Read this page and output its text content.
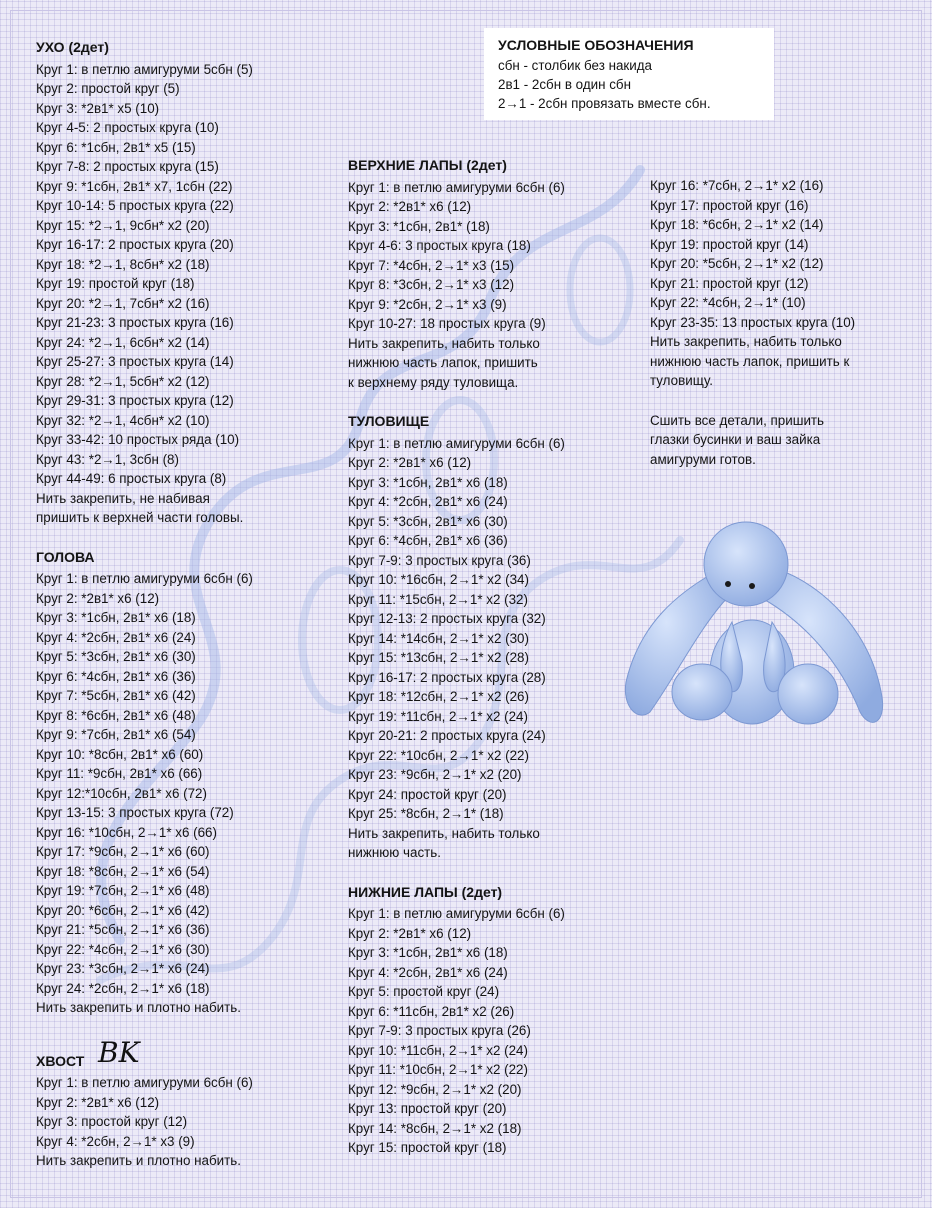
УХО (2дет)
Круг 1: в петлю амигуруми 5сбн (5)
Круг 2: простой круг (5)
Круг 3: *2в1* х5 (10)
Круг 4-5: 2 простых круга (10)
Круг 6: *1сбн, 2в1* х5 (15)
Круг 7-8: 2 простых круга (15)
Круг 9: *1сбн, 2в1* х7, 1сбн (22)
Круг 10-14: 5 простых круга (22)
Круг 15: *2→1, 9сбн* х2 (20)
Круг 16-17: 2 простых круга (20)
Круг 18: *2→1, 8сбн* х2 (18)
Круг 19: простой круг (18)
Круг 20: *2→1, 7сбн* х2 (16)
Круг 21-23: 3 простых круга (16)
Круг 24: *2→1, 6сбн* х2 (14)
Круг 25-27: 3 простых круга (14)
Круг 28: *2→1, 5сбн* х2 (12)
Круг 29-31: 3 простых круга (12)
Круг 32: *2→1, 4сбн* х2 (10)
Круг 33-42: 10 простых ряда (10)
Круг 43: *2→1, 3сбн (8)
Круг 44-49: 6 простых круга (8)
Нить закрепить, не набивая
пришить к верхней части головы.
ГОЛОВА
Круг 1: в петлю амигуруми 6сбн (6)
Круг 2: *2в1* х6 (12)
Круг 3: *1сбн, 2в1* х6 (18)
Круг 4: *2сбн, 2в1* х6 (24)
Круг 5: *3сбн, 2в1* х6 (30)
Круг 6: *4сбн, 2в1* х6 (36)
Круг 7: *5сбн, 2в1* х6 (42)
Круг 8: *6сбн, 2в1* х6 (48)
Круг 9: *7сбн, 2в1* х6 (54)
Круг 10: *8сбн, 2в1* х6 (60)
Круг 11: *9сбн, 2в1* х6 (66)
Круг 12:*10сбн, 2в1* х6 (72)
Круг 13-15: 3 простых круга (72)
Круг 16: *10сбн, 2→1* х6 (66)
Круг 17: *9сбн, 2→1* х6 (60)
Круг 18: *8сбн, 2→1* х6 (54)
Круг 19: *7сбн, 2→1* х6 (48)
Круг 20: *6сбн, 2→1* х6 (42)
Круг 21: *5сбн, 2→1* х6 (36)
Круг 22: *4сбн, 2→1* х6 (30)
Круг 23: *3сбн, 2→1* х6 (24)
Круг 24: *2сбн, 2→1* х6 (18)
Нить закрепить и плотно набить.
ХВОСТ
Круг 1: в петлю амигуруми 6сбн (6)
Круг 2: *2в1* х6 (12)
Круг 3: простой круг (12)
Круг 4: *2сбн, 2→1* х3 (9)
Нить закрепить и плотно набить.
BK
УСЛОВНЫЕ ОБОЗНАЧЕНИЯ
сбн - столбик без накида
2в1 - 2сбн в один сбн
2→1 - 2сбн провязать вместе сбн.
ВЕРХНИЕ ЛАПЫ (2дет)
Круг 1: в петлю амигуруми 6сбн (6)
Круг 2: *2в1* х6 (12)
Круг 3: *1сбн, 2в1* (18)
Круг 4-6: 3 простых круга (18)
Круг 7: *4сбн, 2→1* х3 (15)
Круг 8: *3сбн, 2→1* х3 (12)
Круг 9: *2сбн, 2→1* х3 (9)
Круг 10-27: 18 простых круга (9)
Нить закрепить, набить только
нижнюю часть лапок, пришить
к верхнему ряду туловища.
ТУЛОВИЩЕ
Круг 1: в петлю амигуруми 6сбн (6)
Круг 2: *2в1* х6 (12)
Круг 3: *1сбн, 2в1* х6 (18)
Круг 4: *2сбн, 2в1* х6 (24)
Круг 5: *3сбн, 2в1* х6 (30)
Круг 6: *4сбн, 2в1* х6 (36)
Круг 7-9: 3 простых круга (36)
Круг 10: *16сбн, 2→1* х2 (34)
Круг 11: *15сбн, 2→1* х2 (32)
Круг 12-13: 2 простых круга (32)
Круг 14: *14сбн, 2→1* х2 (30)
Круг 15: *13сбн, 2→1* х2 (28)
Круг 16-17: 2 простых круга (28)
Круг 18: *12сбн, 2→1* х2 (26)
Круг 19: *11сбн, 2→1* х2 (24)
Круг 20-21: 2 простых круга (24)
Круг 22: *10сбн, 2→1* х2 (22)
Круг 23: *9сбн, 2→1* х2 (20)
Круг 24: простой круг (20)
Круг 25: *8сбн, 2→1* (18)
Нить закрепить, набить только
нижнюю часть.
НИЖНИЕ ЛАПЫ (2дет)
Круг 1: в петлю амигуруми 6сбн (6)
Круг 2: *2в1* х6 (12)
Круг 3: *1сбн, 2в1* х6 (18)
Круг 4: *2сбн, 2в1* х6 (24)
Круг 5: простой круг (24)
Круг 6: *11сбн, 2в1* х2 (26)
Круг 7-9: 3 простых круга (26)
Круг 10: *11сбн, 2→1* х2 (24)
Круг 11: *10сбн, 2→1* х2 (22)
Круг 12: *9сбн, 2→1* х2 (20)
Круг 13: простой круг (20)
Круг 14: *8сбн, 2→1* х2 (18)
Круг 15: простой круг (18)
Круг 16: *7сбн, 2→1* х2 (16)
Круг 17: простой круг (16)
Круг 18: *6сбн, 2→1* х2 (14)
Круг 19: простой круг (14)
Круг 20: *5сбн, 2→1* х2 (12)
Круг 21: простой круг (12)
Круг 22: *4сбн, 2→1* (10)
Круг 23-35: 13 простых круга (10)
Нить закрепить, набить только
нижнюю часть лапок, пришить к
туловищу.
Сшить все детали, пришить
глазки бусинки и ваш зайка
амигуруми готов.
